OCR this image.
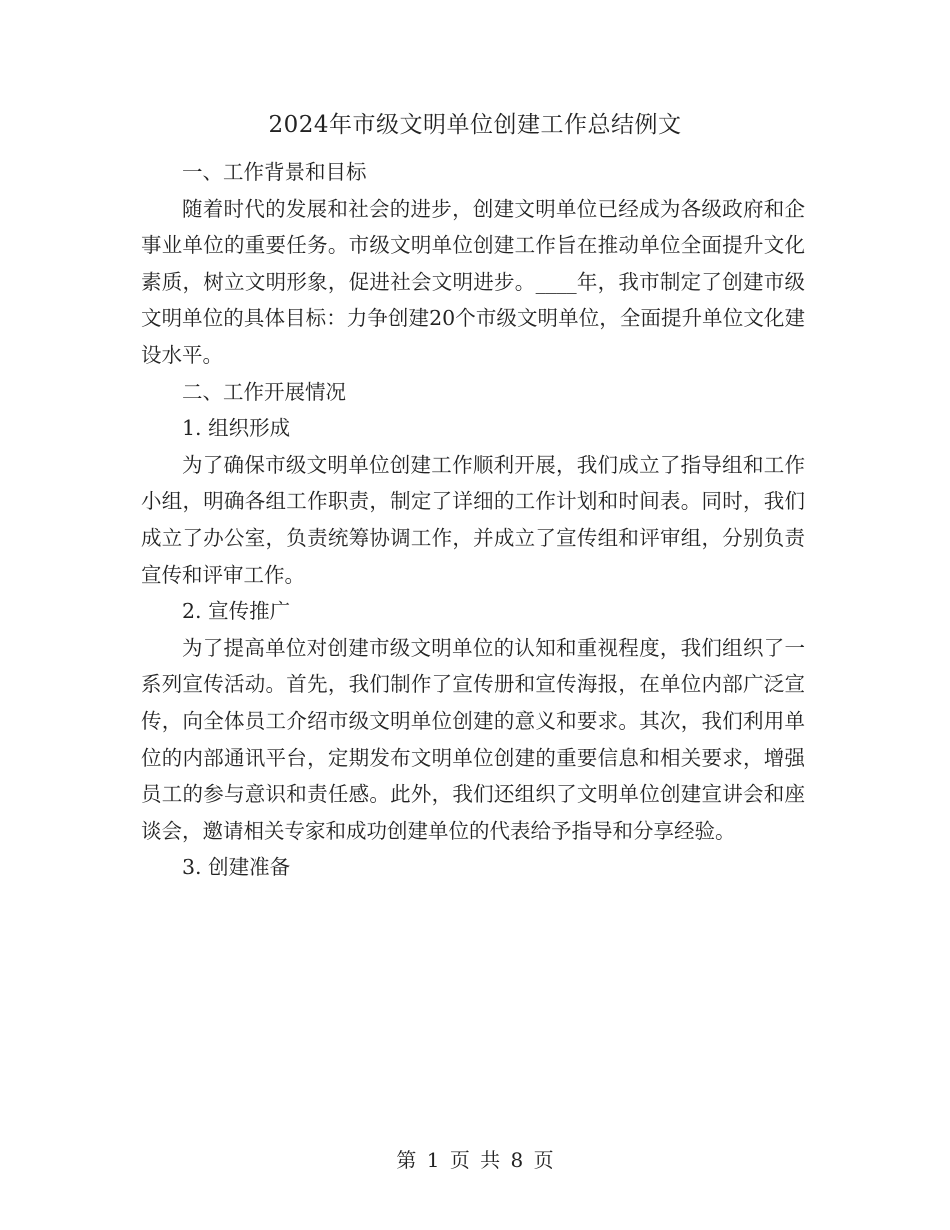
2024年市级文明单位创建工作总结例文

一、工作背景和目标

随着时代的发展和社会的进步，创建文明单位已经成为各级政府和企事业单位的重要任务。市级文明单位创建工作旨在推动单位全面提升文化素质，树立文明形象，促进社会文明进步。____年，我市制定了创建市级文明单位的具体目标：力争创建20个市级文明单位，全面提升单位文化建设水平。

二、工作开展情况

1. 组织形成

为了确保市级文明单位创建工作顺利开展，我们成立了指导组和工作小组，明确各组工作职责，制定了详细的工作计划和时间表。同时，我们成立了办公室，负责统筹协调工作，并成立了宣传组和评审组，分别负责宣传和评审工作。

2. 宣传推广

为了提高单位对创建市级文明单位的认知和重视程度，我们组织了一系列宣传活动。首先，我们制作了宣传册和宣传海报，在单位内部广泛宣传，向全体员工介绍市级文明单位创建的意义和要求。其次，我们利用单位的内部通讯平台，定期发布文明单位创建的重要信息和相关要求，增强员工的参与意识和责任感。此外，我们还组织了文明单位创建宣讲会和座谈会，邀请相关专家和成功创建单位的代表给予指导和分享经验。

3. 创建准备

第 1 页 共 8 页
